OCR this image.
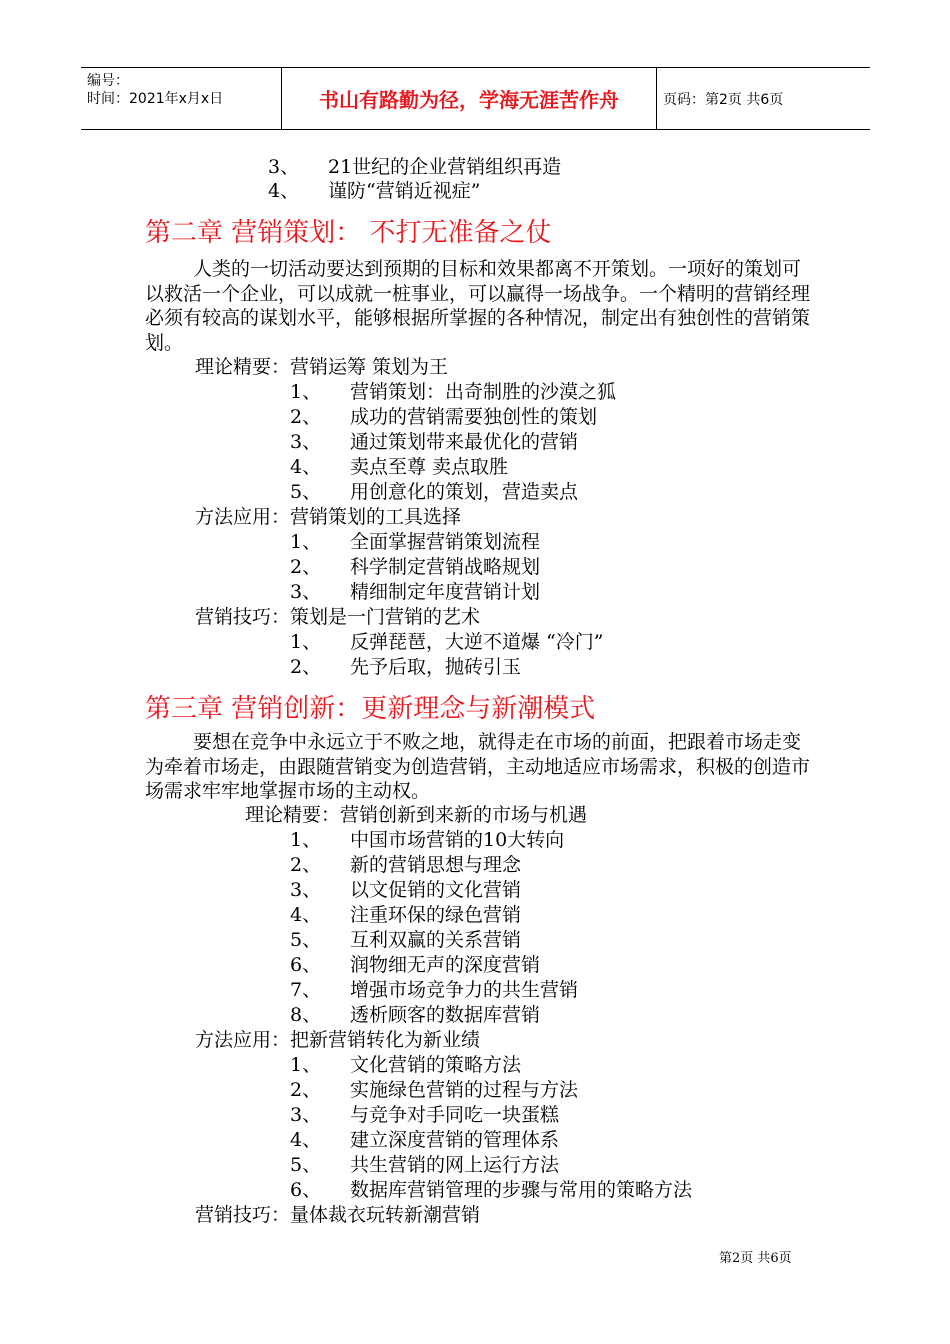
编号：
时间：2021年x月x日	书山有路勤为径，学海无涯苦作舟	页码：第2页 共6页
3、 21世纪的企业营销组织再造
4、 谨防“营销近视症”
第二章 营销策划： 不打无准备之仗
人类的一切活动要达到预期的目标和效果都离不开策划。一项好的策划可以救活一个企业，可以成就一桩事业，可以赢得一场战争。一个精明的营销经理必须有较高的谋划水平，能够根据所掌握的各种情况，制定出有独创性的营销策划。
理论精要：营销运筹 策划为王
1、 营销策划：出奇制胜的沙漠之狐
2、 成功的营销需要独创性的策划
3、 通过策划带来最优化的营销
4、 卖点至尊 卖点取胜
5、 用创意化的策划，营造卖点
方法应用：营销策划的工具选择
1、 全面掌握营销策划流程
2、 科学制定营销战略规划
3、 精细制定年度营销计划
营销技巧：策划是一门营销的艺术
1、 反弹琵琶，大逆不道爆 “冷门”
2、 先予后取，抛砖引玉
第三章 营销创新：更新理念与新潮模式
要想在竞争中永远立于不败之地，就得走在市场的前面，把跟着市场走变为牵着市场走，由跟随营销变为创造营销，主动地适应市场需求，积极的创造市场需求牢牢地掌握市场的主动权。
理论精要：营销创新到来新的市场与机遇
1、 中国市场营销的10大转向
2、 新的营销思想与理念
3、 以文促销的文化营销
4、 注重环保的绿色营销
5、 互利双赢的关系营销
6、 润物细无声的深度营销
7、 增强市场竞争力的共生营销
8、 透析顾客的数据库营销
方法应用：把新营销转化为新业绩
1、 文化营销的策略方法
2、 实施绿色营销的过程与方法
3、 与竞争对手同吃一块蛋糕
4、 建立深度营销的管理体系
5、 共生营销的网上运行方法
6、 数据库营销管理的步骤与常用的策略方法
营销技巧：量体裁衣玩转新潮营销
第2页 共6页
